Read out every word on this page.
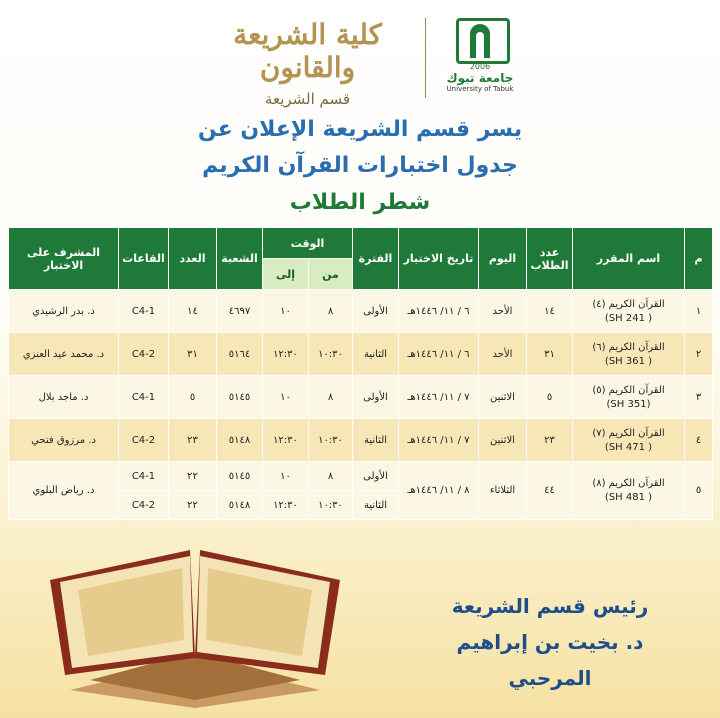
كلية الشريعة والقانون
قسم الشريعة
2006
جامعة تبوك
University of Tabuk
يسر قسم الشريعة الإعلان عن
جدول اختبارات القرآن الكريم
شطر الطلاب
م	اسم المقرر	عدد الطلاب	اليوم	تاريخ الاختبار	الفترة	الوقت		الشعبة	العدد	القاعات	المشرف على الاختبار
						من	إلى				
١	القرآن الكريم (٤)
( SH 241)	١٤	الأحد	٦ / ١١/ ١٤٤٦هـ	الأولى	٨	١٠	٤٦٩٧	١٤	C4-1	د. بدر الرشيدي
٢	القرآن الكريم (٦)
( SH 361)	٣١	الأحد	٦ / ١١/ ١٤٤٦هـ	الثانية	١٠:٣٠	١٢:٣٠	٥١٦٤	٣١	C4-2	د. محمد عيد العنزي
٣	القرآن الكريم (٥)
(SH 351)	٥	الاثنين	٧ / ١١/ ١٤٤٦هـ	الأولى	٨	١٠	٥١٤٥	٥	C4-1	د. ماجد بلال
٤	القرآن الكريم (٧)
( SH 471)	٢٣	الاثنين	٧ / ١١/ ١٤٤٦هـ	الثانية	١٠:٣٠	١٢:٣٠	٥١٤٨	٢٣	C4-2	د. مرزوق فتحي
٥	القرآن الكريم (٨)
( SH 481)	٤٤	الثلاثاء	٨ / ١١/ ١٤٤٦هـ	الأولى	٨	١٠	٥١٤٥	٢٢	C4-1	د. رياض البلوي
					الثانية	١٠:٣٠	١٢:٣٠	٥١٤٨	٢٢	C4-2	
رئيس قسم الشريعة
د. بخيت بن إبراهيم المرحبي
